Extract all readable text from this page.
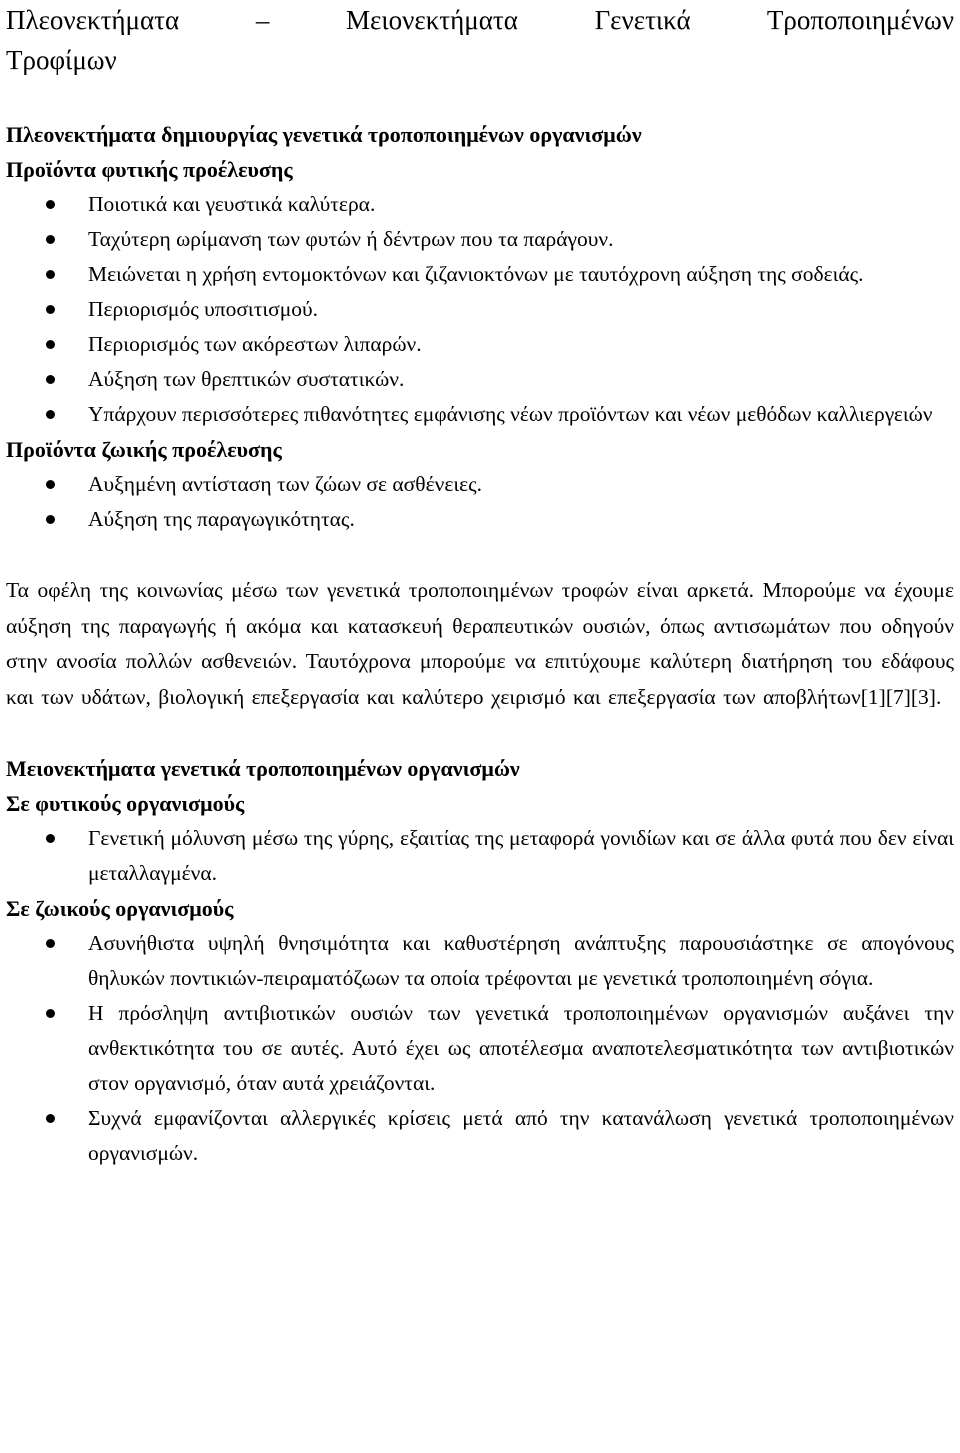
Πλεονεκτήματα	–	Μειονεκτήματα Γενετικά Τροποποιημένων
Τροφίμων
Πλεονεκτήματα δημιουργίας γενετικά τροποποιημένων οργανισμών
Προϊόντα φυτικής προέλευσης
Ποιοτικά και γευστικά καλύτερα.
Ταχύτερη ωρίμανση των φυτών ή δέντρων που τα παράγουν.
Μειώνεται η χρήση εντομοκτόνων και ζιζανιοκτόνων με ταυτόχρονη αύξηση της σοδειάς.
Περιορισμός υποσιτισμού.
Περιορισμός των ακόρεστων λιπαρών.
Αύξηση των θρεπτικών συστατικών.
Υπάρχουν περισσότερες πιθανότητες εμφάνισης νέων προϊόντων και νέων μεθόδων καλλιεργειών
Προϊόντα ζωικής προέλευσης
Αυξημένη αντίσταση των ζώων σε ασθένειες.
Αύξηση της παραγωγικότητας.

Τα οφέλη της κοινωνίας μέσω των γενετικά τροποποιημένων τροφών είναι αρκετά. Μπορούμε να έχουμε αύξηση της παραγωγής ή ακόμα και κατασκευή θεραπευτικών ουσιών, όπως αντισωμάτων που οδηγούν στην ανοσία πολλών ασθενειών. Ταυτόχρονα μπορούμε να επιτύχουμε καλύτερη διατήρηση του εδάφους και των υδάτων, βιολογική επεξεργασία και καλύτερο χειρισμό και επεξεργασία των αποβλήτων[1][7][3].

Μειονεκτήματα γενετικά τροποποιημένων οργανισμών
Σε φυτικούς οργανισμούς
Γενετική μόλυνση μέσω της γύρης, εξαιτίας της μεταφορά γονιδίων και σε άλλα φυτά που δεν είναι μεταλλαγμένα.
Σε ζωικούς οργανισμούς
Ασυνήθιστα υψηλή θνησιμότητα και καθυστέρηση ανάπτυξης παρουσιάστηκε σε απογόνους θηλυκών ποντικιών-πειραματόζωων τα οποία τρέφονται με γενετικά τροποποιημένη σόγια.
Η πρόσληψη αντιβιοτικών ουσιών των γενετικά τροποποιημένων οργανισμών αυξάνει την ανθεκτικότητα του σε αυτές. Αυτό έχει ως αποτέλεσμα αναποτελεσματικότητα των αντιβιοτικών στον οργανισμό, όταν αυτά χρειάζονται.
Συχνά εμφανίζονται αλλεργικές κρίσεις μετά από την κατανάλωση γενετικά τροποποιημένων οργανισμών.
